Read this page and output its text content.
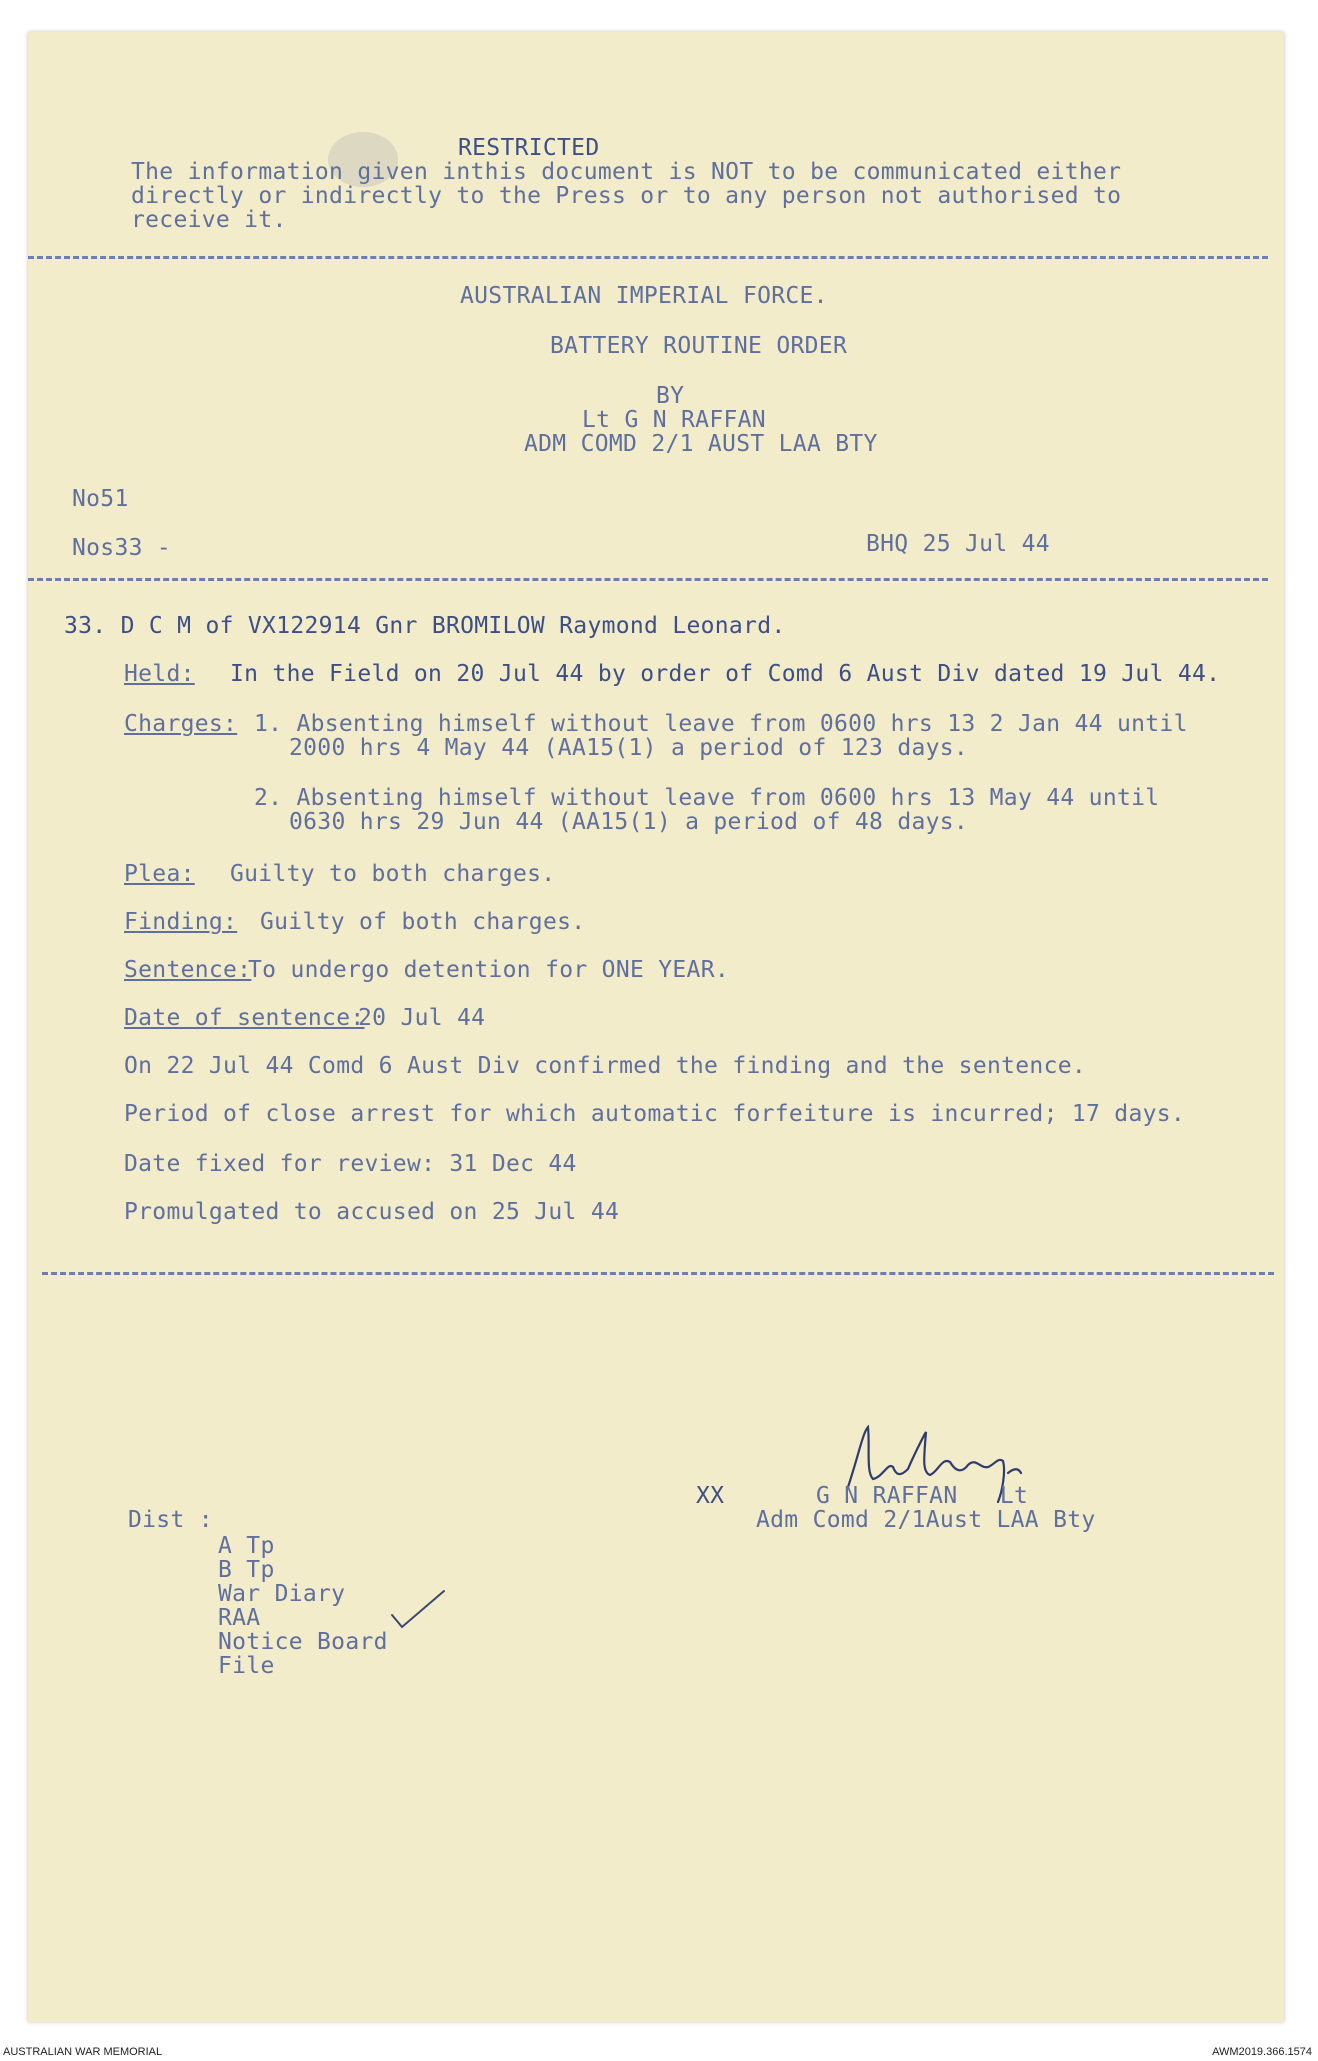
RESTRICTED
The information given inthis document is NOT to be communicated either
directly or indirectly to the Press or to any person not authorised to
receive it.
AUSTRALIAN IMPERIAL FORCE.
BATTERY ROUTINE ORDER
BY
Lt G N RAFFAN
ADM COMD 2/1 AUST LAA BTY
No51
Nos33 -	BHQ 25 Jul 44
33. D C M of VX122914 Gnr BROMILOW Raymond Leonard.
Held: In the Field on 20 Jul 44 by order of Comd 6 Aust Div dated 19 Jul 44.
Charges: 1. Absenting himself without leave from 0600 hrs 13 2 Jan 44 until
2000 hrs 4 May 44 (AA15(1) a period of 123 days.
2. Absenting himself without leave from 0600 hrs 13 May 44 until
0630 hrs 29 Jun 44 (AA15(1) a period of 48 days.
Plea: Guilty to both charges.
Finding: Guilty of both charges.
Sentence:
To undergo detention for ONE YEAR.
Date of sentence:
20 Jul 44
On 22 Jul 44 Comd 6 Aust Div confirmed the finding and the sentence.
Period of close arrest for which automatic forfeiture is incurred; 17 days.
Date fixed for review: 31 Dec 44
Promulgated to accused on 25 Jul 44
XX	G N RAFFAN   Lt
Adm Comd 2/1Aust LAA Bty
Dist :
A Tp
B Tp
War Diary
RAA
Notice Board
File
AUSTRALIAN WAR MEMORIAL	AWM2019.366.1574
